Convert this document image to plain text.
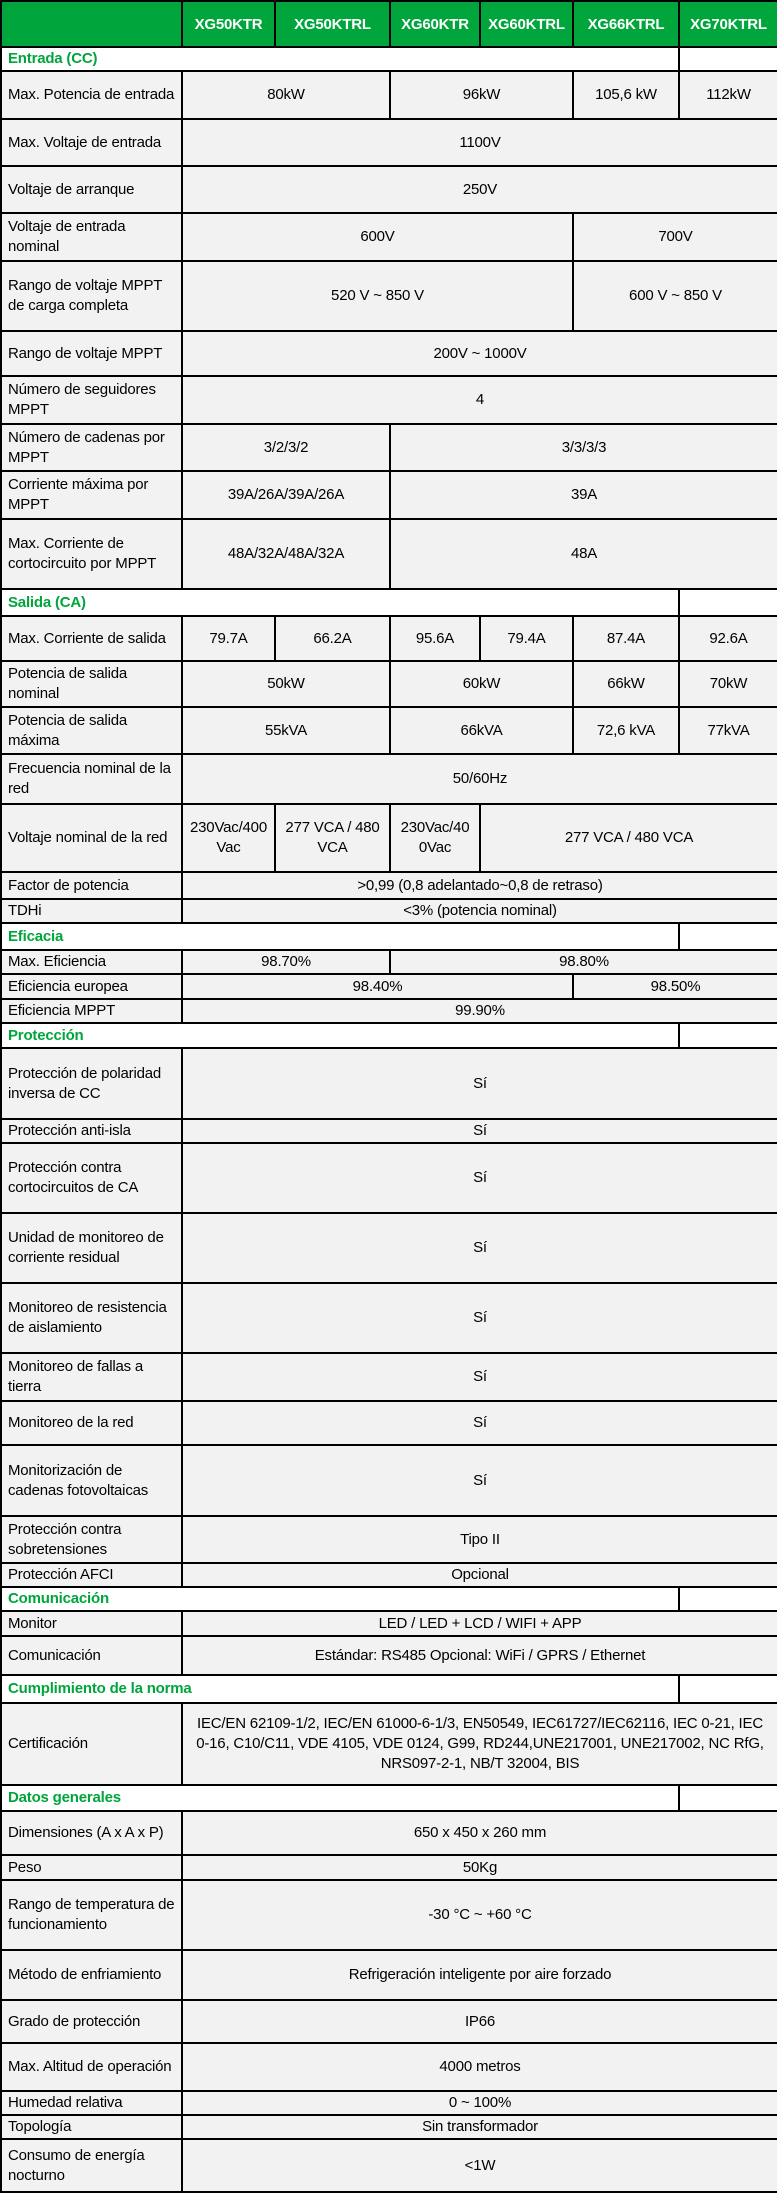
	XG50KTR	XG50KTRL	XG60KTR	XG60KTRL	XG66KTRL	XG70KTRL
Entrada (CC)						
Max. Potencia de entrada	80kW		96kW		105,6 kW	112kW
Max. Voltaje de entrada	1100V					
Voltaje de arranque	250V					
Voltaje de entrada nominal	600V				700V	
Rango de voltaje MPPT de carga completa	520 V ~ 850 V				600 V ~ 850 V	
Rango de voltaje MPPT	200V ~ 1000V					
Número de seguidores MPPT	4					
Número de cadenas por MPPT	3/2/3/2		3/3/3/3			
Corriente máxima por MPPT	39A/26A/39A/26A		39A			
Max. Corriente de cortocircuito por MPPT	48A/32A/48A/32A		48A			
Salida (CA)						
Max. Corriente de salida	79.7A	66.2A	95.6A	79.4A	87.4A	92.6A
Potencia de salida nominal	50kW		60kW		66kW	70kW
Potencia de salida máxima	55kVA		66kVA		72,6 kVA	77kVA
Frecuencia nominal de la red	50/60Hz					
Voltaje nominal de la red	230Vac/400Vac	277 VCA / 480 VCA	230Vac/400Vac	277 VCA / 480 VCA		
Factor de potencia	>0,99 (0,8 adelantado~0,8 de retraso)					
TDHi	<3% (potencia nominal)					
Eficacia						
Max. Eficiencia	98.70%		98.80%			
Eficiencia europea	98.40%				98.50%	
Eficiencia MPPT	99.90%					
Protección						
Protección de polaridad inversa de CC	Sí					
Protección anti-isla	Sí					
Protección contra cortocircuitos de CA	Sí					
Unidad de monitoreo de corriente residual	Sí					
Monitoreo de resistencia de aislamiento	Sí					
Monitoreo de fallas a tierra	Sí					
Monitoreo de la red	Sí					
Monitorización de cadenas fotovoltaicas	Sí					
Protección contra sobretensiones	Tipo II					
Protección AFCI	Opcional					
Comunicación						
Monitor	LED / LED + LCD / WIFI + APP					
Comunicación	Estándar: RS485 Opcional: WiFi / GPRS / Ethernet					
Cumplimiento de la norma						
Certificación	IEC/EN 62109-1/2, IEC/EN 61000-6-1/3, EN50549, IEC61727/IEC62116, IEC 0-21, IEC 0-16, C10/C11, VDE 4105, VDE 0124, G99, RD244,UNE217001, UNE217002, NC RfG, NRS097-2-1, NB/T 32004, BIS					
Datos generales						
Dimensiones (A x A x P)	650 x 450 x 260 mm					
Peso	50Kg					
Rango de temperatura de funcionamiento	-30 °C ~ +60 °C					
Método de enfriamiento	Refrigeración inteligente por aire forzado					
Grado de protección	IP66					
Max. Altitud de operación	4000 metros					
Humedad relativa	0 ~ 100%					
Topología	Sin transformador					
Consumo de energía nocturno	<1W					
